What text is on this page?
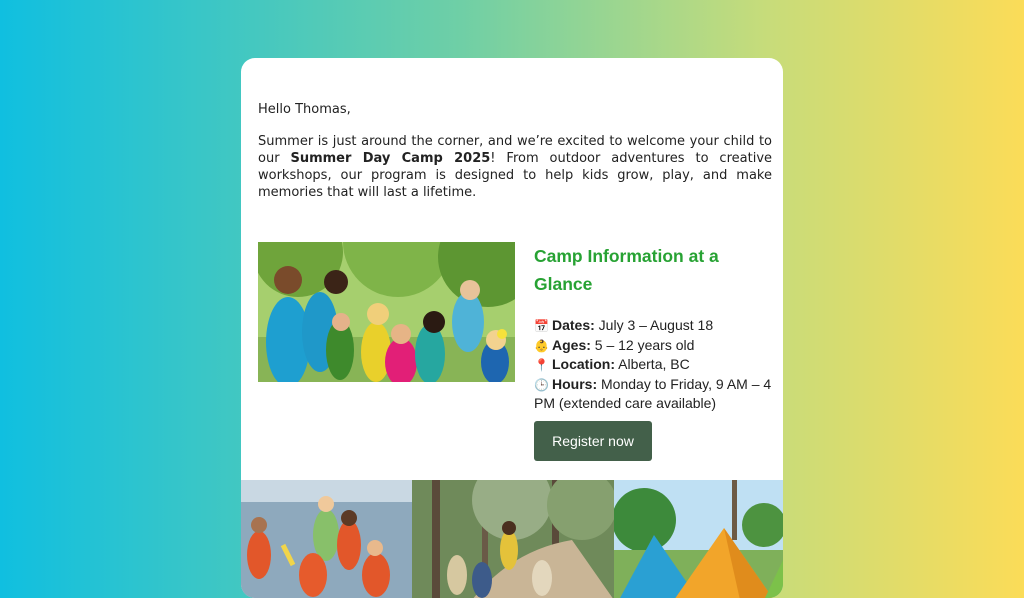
Hello Thomas,

Summer is just around the corner, and we’re excited to welcome your child to our Summer Day Camp 2025! From outdoor adventures to creative workshops, our program is designed to help kids grow, play, and make memories that will last a lifetime.

Camp Information at a Glance
📅 Dates: July 3 – August 18
👶 Ages: 5 – 12 years old
📍 Location: Alberta, BC
🕒 Hours: Monday to Friday, 9 AM – 4 PM (extended care available)
Register now
